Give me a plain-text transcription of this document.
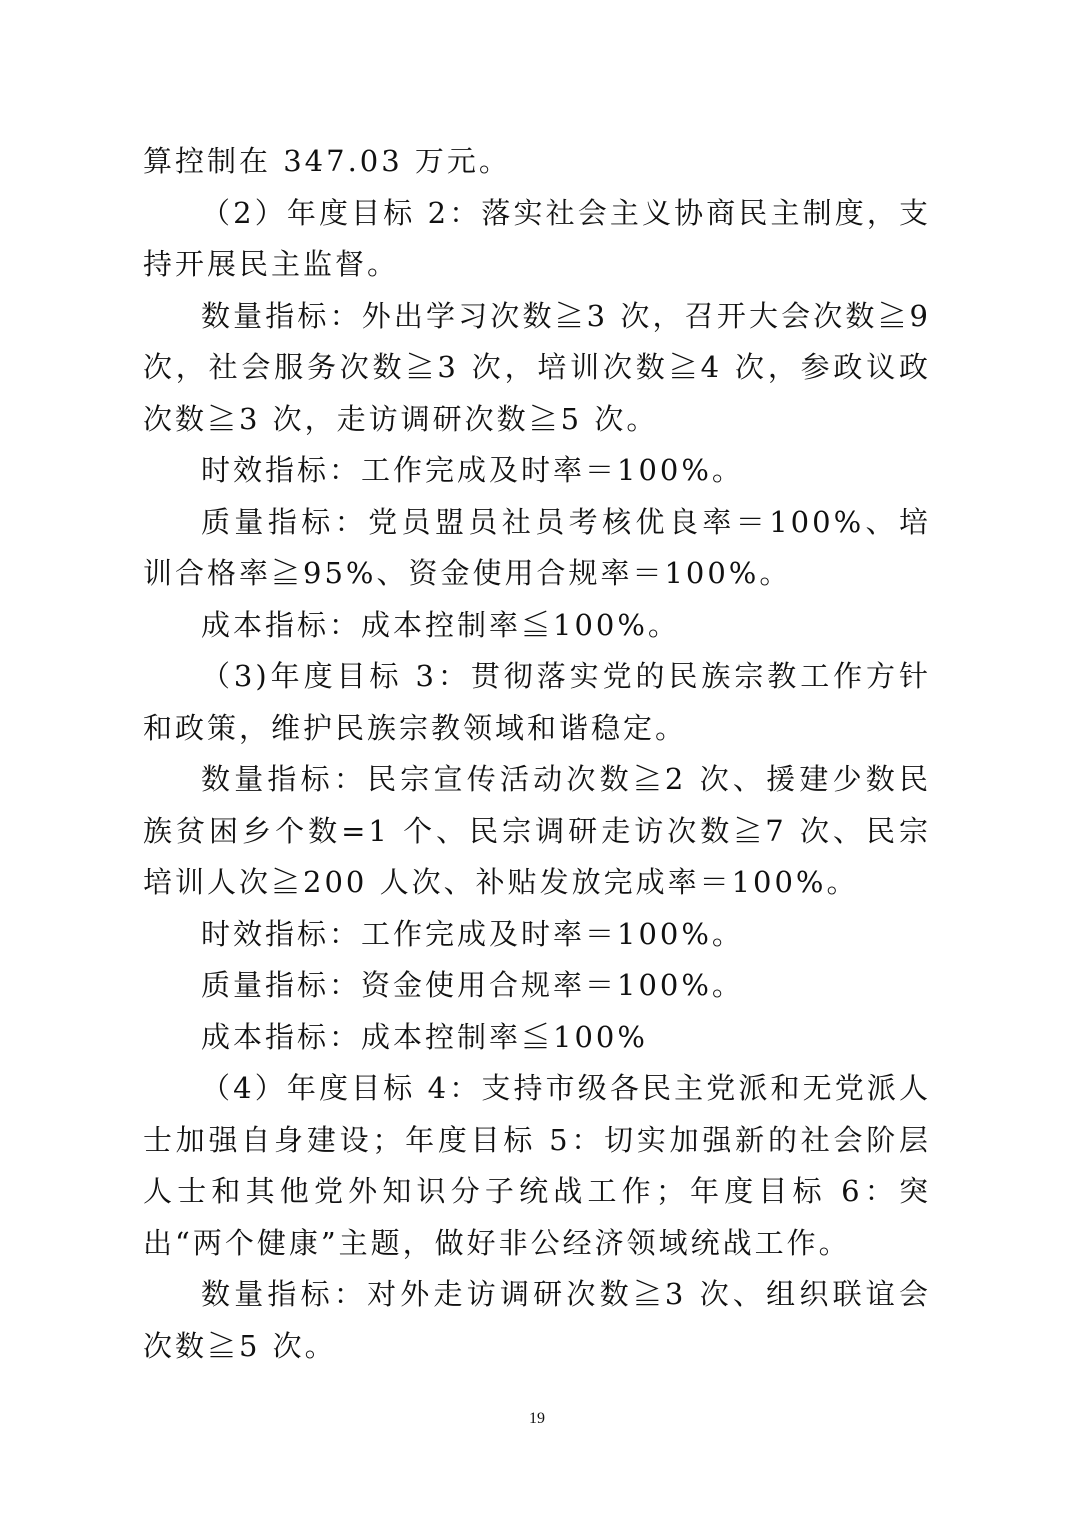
算控制在 347.03 万元。

（2）年度目标 2：落实社会主义协商民主制度，支持开展民主监督。

数量指标：外出学习次数≧3 次，召开大会次数≧9 次，社会服务次数≧3 次，培训次数≧4 次，参政议政次数≧3 次，走访调研次数≧5 次。

时效指标：工作完成及时率＝100%。

质量指标：党员盟员社员考核优良率＝100%、培训合格率≧95%、资金使用合规率＝100%。

成本指标：成本控制率≦100%。

（3)年度目标 3：贯彻落实党的民族宗教工作方针和政策，维护民族宗教领域和谐稳定。

数量指标：民宗宣传活动次数≧2 次、援建少数民族贫困乡个数=1 个、民宗调研走访次数≧7 次、民宗培训人次≧200 人次、补贴发放完成率＝100%。

时效指标：工作完成及时率＝100%。

质量指标：资金使用合规率＝100%。

成本指标：成本控制率≦100%

（4）年度目标 4：支持市级各民主党派和无党派人士加强自身建设；年度目标 5：切实加强新的社会阶层人士和其他党外知识分子统战工作；年度目标 6：突出“两个健康”主题，做好非公经济领域统战工作。

数量指标：对外走访调研次数≧3 次、组织联谊会次数≧5 次。

19
